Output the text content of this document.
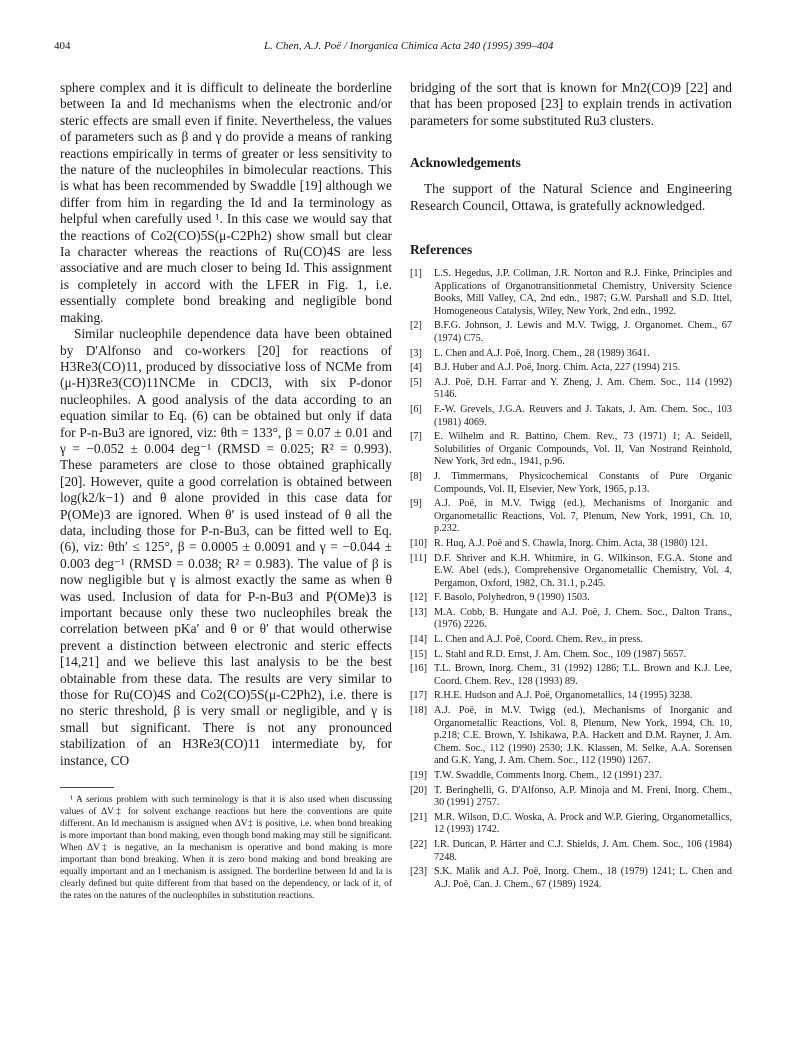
404	L. Chen, A.J. Poë / Inorganica Chimica Acta 240 (1995) 399–404

sphere complex and it is difficult to delineate the borderline between Ia and Id mechanisms when the electronic and/or steric effects are small even if finite. Nevertheless, the values of parameters such as β and γ do provide a means of ranking reactions empirically in terms of greater or less sensitivity to the nature of the nucleophiles in bimolecular reactions. This is what has been recommended by Swaddle [19] although we differ from him in regarding the Id and Ia terminology as helpful when carefully used ¹. In this case we would say that the reactions of Co2(CO)5S(μ-C2Ph2) show small but clear Ia character whereas the reactions of Ru(CO)4S are less associative and are much closer to being Id. This assignment is completely in accord with the LFER in Fig. 1, i.e. essentially complete bond breaking and negligible bond making.

Similar nucleophile dependence data have been obtained by D'Alfonso and co-workers [20] for reactions of H3Re3(CO)11, produced by dissociative loss of NCMe from (μ-H)3Re3(CO)11NCMe in CDCl3, with six P-donor nucleophiles. A good analysis of the data according to an equation similar to Eq. (6) can be obtained but only if data for P-n-Bu3 are ignored, viz: θth = 133°, β = 0.07 ± 0.01 and γ = −0.052 ± 0.004 deg⁻¹ (RMSD = 0.025; R² = 0.993). These parameters are close to those obtained graphically [20]. However, quite a good correlation is obtained between log(k2/k−1) and θ alone provided in this case data for P(OMe)3 are ignored. When θ′ is used instead of θ all the data, including those for P-n-Bu3, can be fitted well to Eq. (6), viz: θth′ ≤ 125°, β = 0.0005 ± 0.0091 and γ = −0.044 ± 0.003 deg⁻¹ (RMSD = 0.038; R² = 0.983). The value of β is now negligible but γ is almost exactly the same as when θ was used. Inclusion of data for P-n-Bu3 and P(OMe)3 is important because only these two nucleophiles break the correlation between pKa′ and θ or θ′ that would otherwise prevent a distinction between electronic and steric effects [14,21] and we believe this last analysis to be the best obtainable from these data. The results are very similar to those for Ru(CO)4S and Co2(CO)5S(μ-C2Ph2), i.e. there is no steric threshold, β is very small or negligible, and γ is small but significant. There is not any pronounced stabilization of an H3Re3(CO)11 intermediate by, for instance, CO

¹ A serious problem with such terminology is that it is also used when discussing values of ΔV‡ for solvent exchange reactions but here the conventions are quite different. An Id mechanism is assigned when ΔV‡ is positive, i.e. when bond breaking is more important than bond making, even though bond making may still be significant. When ΔV‡ is negative, an Ia mechanism is operative and bond making is more important than bond breaking. When it is zero bond making and bond breaking are equally important and an I mechanism is assigned. The borderline between Id and Ia is clearly defined but quite different from that based on the dependency, or lack of it, of the rates on the natures of the nucleophiles in substitution reactions.

bridging of the sort that is known for Mn2(CO)9 [22] and that has been proposed [23] to explain trends in activation parameters for some substituted Ru3 clusters.

Acknowledgements

The support of the Natural Science and Engineering Research Council, Ottawa, is gratefully acknowledged.

References
[1]	L.S. Hegedus, J.P. Collman, J.R. Norton and R.J. Finke, Principles and Applications of Organotransitionmetal Chemistry, University Science Books, Mill Valley, CA, 2nd edn., 1987; G.W. Parshall and S.D. Ittel, Homogeneous Catalysis, Wiley, New York, 2nd edn., 1992.
[2]	B.F.G. Johnson, J. Lewis and M.V. Twigg, J. Organomet. Chem., 67 (1974) C75.
[3]	L. Chen and A.J. Poë, Inorg. Chem., 28 (1989) 3641.
[4]	B.J. Huber and A.J. Poë, Inorg. Chim. Acta, 227 (1994) 215.
[5]	A.J. Poë, D.H. Farrar and Y. Zheng, J. Am. Chem. Soc., 114 (1992) 5146.
[6]	F.-W. Grevels, J.G.A. Reuvers and J. Takats, J. Am. Chem. Soc., 103 (1981) 4069.
[7]	E. Wilhelm and R. Battino, Chem. Rev., 73 (1971) 1; A. Seidell, Solubilities of Organic Compounds, Vol. II, Van Nostrand Reinhold, New York, 3rd edn., 1941, p.96.
[8]	J. Timmermans, Physicochemical Constants of Pure Organic Compounds, Vol. II, Elsevier, New York, 1965, p.13.
[9]	A.J. Poë, in M.V. Twigg (ed.), Mechanisms of Inorganic and Organometallic Reactions, Vol. 7, Plenum, New York, 1991, Ch. 10, p.232.
[10] R. Huq, A.J. Poë and S. Chawla, Inorg. Chim. Acta, 38 (1980) 121.
[11] D.F. Shriver and K.H. Whitmire, in G. Wilkinson, F.G.A. Stone and E.W. Abel (eds.), Comprehensive Organometallic Chemistry, Vol. 4, Pergamon, Oxford, 1982, Ch. 31.1, p.245.
[12] F. Basolo, Polyhedron, 9 (1990) 1503.
[13] M.A. Cobb, B. Hungate and A.J. Poë, J. Chem. Soc., Dalton Trans., (1976) 2226.
[14] L. Chen and A.J. Poë, Coord. Chem. Rev., in press.
[15] L. Stahl and R.D. Ernst, J. Am. Chem. Soc., 109 (1987) 5657.
[16] T.L. Brown, Inorg. Chem., 31 (1992) 1286; T.L. Brown and K.J. Lee, Coord. Chem. Rev., 128 (1993) 89.
[17] R.H.E. Hudson and A.J. Poë, Organometallics, 14 (1995) 3238.
[18] A.J. Poë, in M.V. Twigg (ed.), Mechanisms of Inorganic and Organometallic Reactions, Vol. 8, Plenum, New York, 1994, Ch. 10, p.218; C.E. Brown, Y. Ishikawa, P.A. Hackett and D.M. Rayner, J. Am. Chem. Soc., 112 (1990) 2530; J.K. Klassen, M. Selke, A.A. Sorensen and G.K. Yang, J. Am. Chem. Soc., 112 (1990) 1267.
[19] T.W. Swaddle, Comments Inorg. Chem., 12 (1991) 237.
[20] T. Beringhelli, G. D'Alfonso, A.P. Minoja and M. Freni, Inorg. Chem., 30 (1991) 2757.
[21] M.R. Wilson, D.C. Woska, A. Prock and W.P. Giering, Organometallics, 12 (1993) 1742.
[22] I.R. Duncan, P. Härter and C.J. Shields, J. Am. Chem. Soc., 106 (1984) 7248.
[23] S.K. Malik and A.J. Poë, Inorg. Chem., 18 (1979) 1241; L. Chen and A.J. Poë, Can. J. Chem., 67 (1989) 1924.
